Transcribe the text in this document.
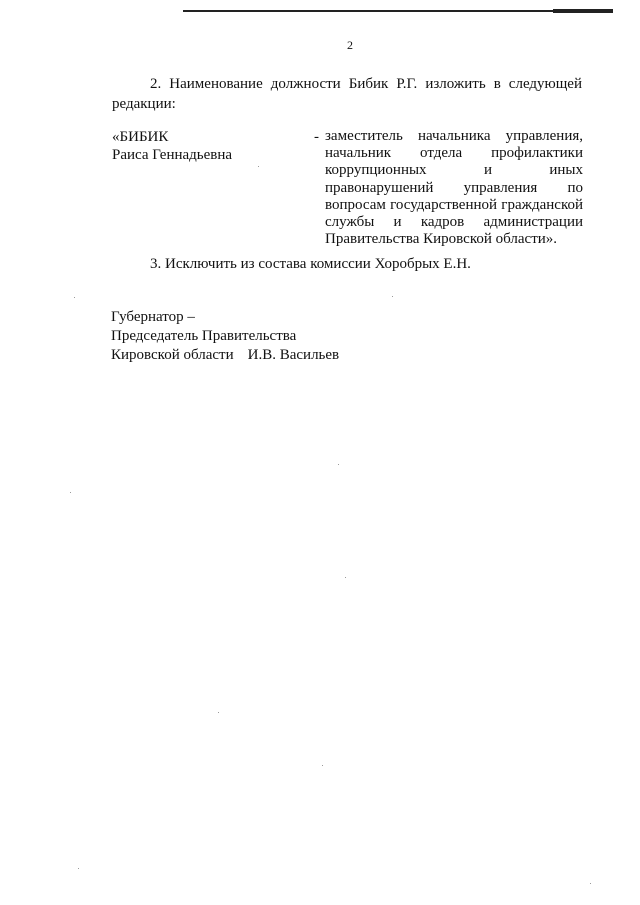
2
2. Наименование должности Бибик Р.Г. изложить в следующей
редакции:
«БИБИК
Раиса Геннадьевна
- заместитель начальника управления, начальник отдела профилактики коррупционных и иных правонарушений управления по вопросам государственной гражданской службы и кадров администрации Правительства Кировской области».
3. Исключить из состава комиссии Хоробрых Е.Н.
Губернатор –
Председатель Правительства
Кировской области И.В. Васильев
